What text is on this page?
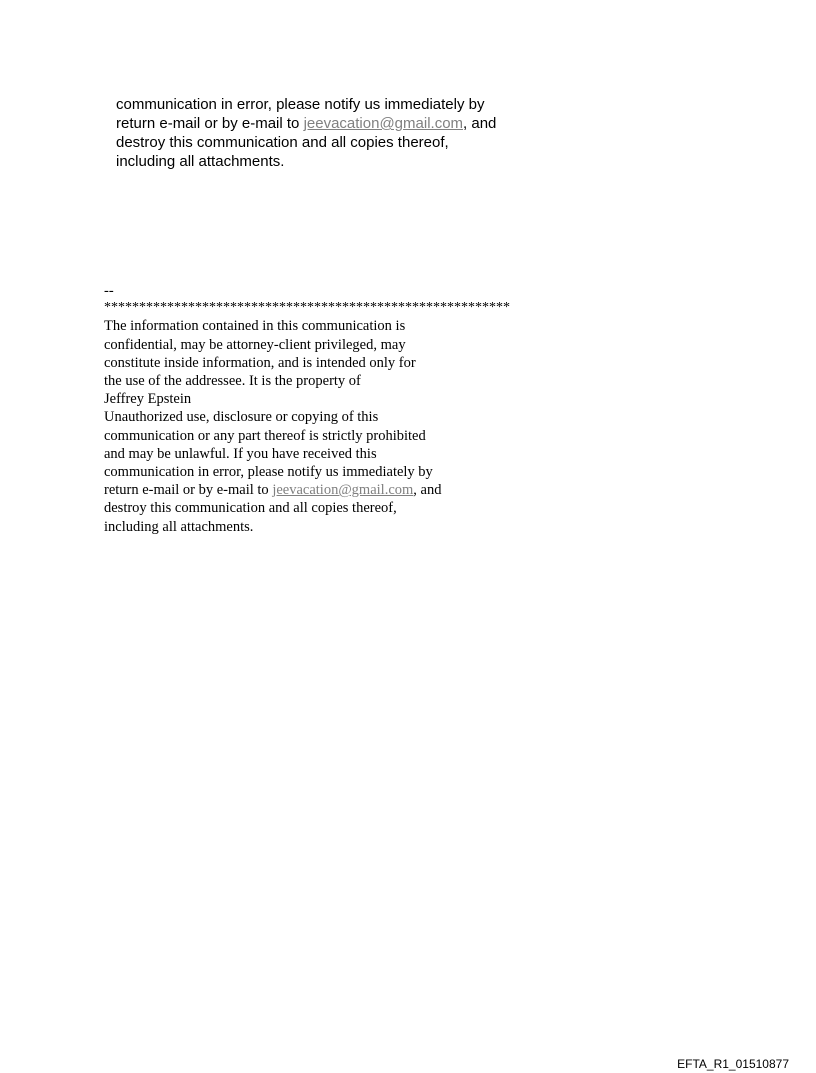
communication in error, please notify us immediately by
return e-mail or by e-mail to jeevacation@gmail.com, and
destroy this communication and all copies thereof,
including all attachments.
--
**********************************************************
The information contained in this communication is
confidential, may be attorney-client privileged, may
constitute inside information, and is intended only for
the use of the addressee. It is the property of
Jeffrey Epstein
Unauthorized use, disclosure or copying of this
communication or any part thereof is strictly prohibited
and may be unlawful. If you have received this
communication in error, please notify us immediately by
return e-mail or by e-mail to jeevacation@gmail.com, and
destroy this communication and all copies thereof,
including all attachments.
EFTA_R1_01510877
